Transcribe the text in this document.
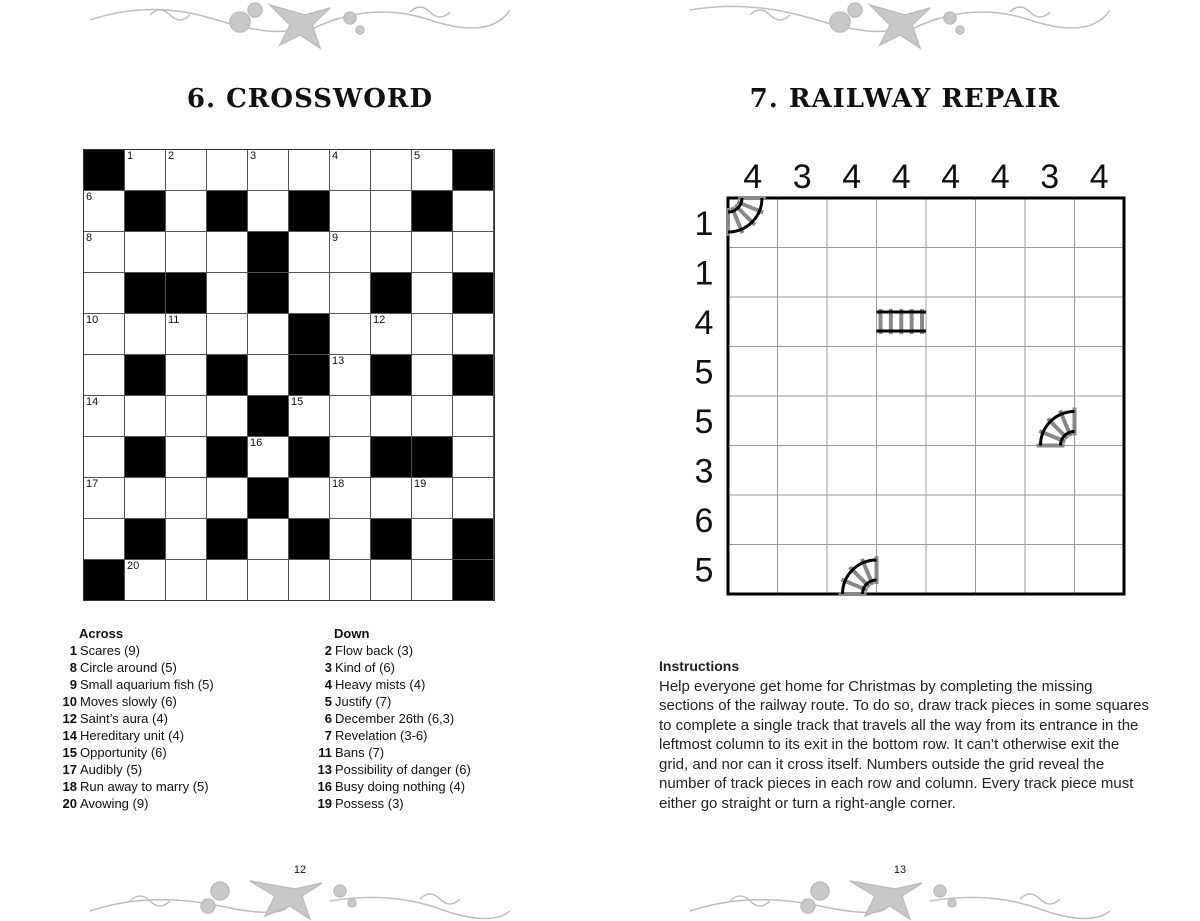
6. CROSSWORD
1	2	3	4	5
6
8	9
10	11	12
13
14	15
16
17	18	19
20
Across
1 Scares (9)
8 Circle around (5)
9 Small aquarium fish (5)
10 Moves slowly (6)
12 Saint’s aura (4)
14 Hereditary unit (4)
15 Opportunity (6)
17 Audibly (5)
18 Run away to marry (5)
20 Avowing (9)
Down
2 Flow back (3)
3 Kind of (6)
4 Heavy mists (4)
5 Justify (7)
6 December 26th (6,3)
7 Revelation (3-6)
11 Bans (7)
13 Possibility of danger (6)
16 Busy doing nothing (4)
19 Possess (3)
12
7. RAILWAY REPAIR
4 3 4 4 4 4 3 4
1
1
4
5
5
3
6
5
Instructions
Help everyone get home for Christmas by completing the missing sections of the railway route. To do so, draw track pieces in some squares to complete a single track that travels all the way from its entrance in the leftmost column to its exit in the bottom row. It can’t otherwise exit the grid, and nor can it cross itself. Numbers outside the grid reveal the number of track pieces in each row and column. Every track piece must either go straight or turn a right-angle corner.
13
